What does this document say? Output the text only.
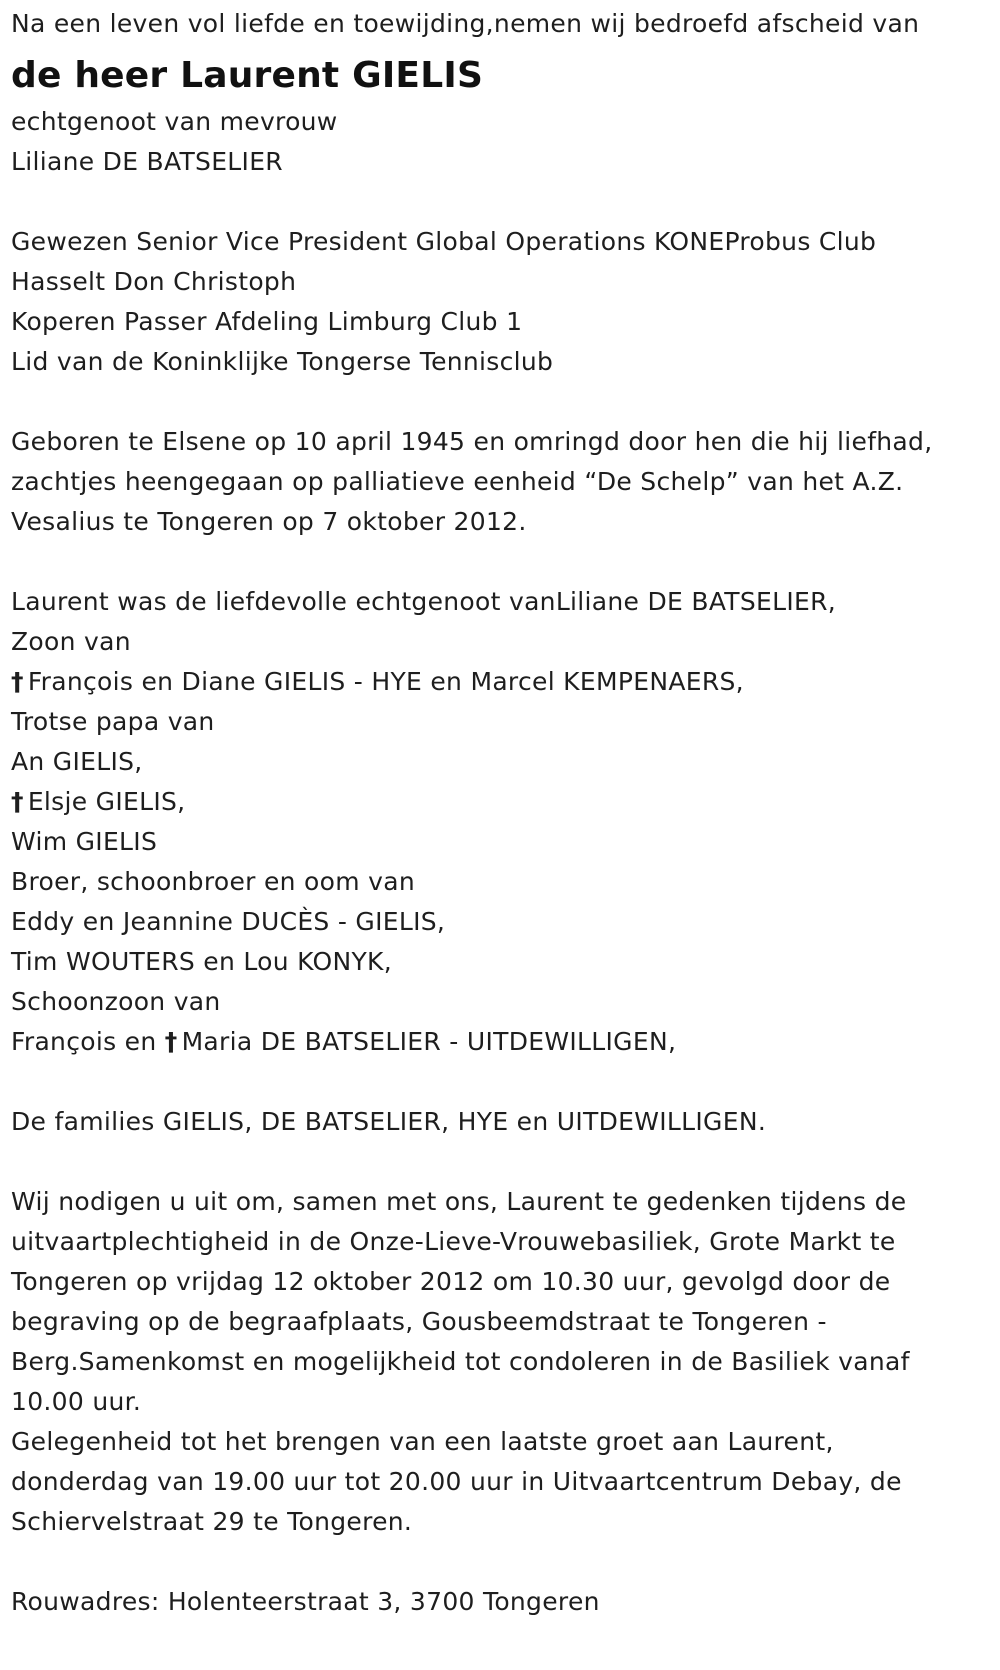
Na een leven vol liefde en toewijding,nemen wij bedroefd afscheid van
de heer Laurent GIELIS
echtgenoot van mevrouw
Liliane DE BATSELIER
Gewezen Senior Vice President Global Operations KONEProbus Club
Hasselt Don Christoph
Koperen Passer Afdeling Limburg Club 1
Lid van de Koninklijke Tongerse Tennisclub
Geboren te Elsene op 10 april 1945 en omringd door hen die hij liefhad,
zachtjes heengegaan op palliatieve eenheid “De Schelp” van het A.Z.
Vesalius te Tongeren op 7 oktober 2012.
Laurent was de liefdevolle echtgenoot vanLiliane DE BATSELIER,
Zoon van
† François en Diane GIELIS - HYE en Marcel KEMPENAERS,
Trotse papa van
An GIELIS,
† Elsje GIELIS,
Wim GIELIS
Broer, schoonbroer en oom van
Eddy en Jeannine DUCÈS - GIELIS,
Tim WOUTERS en Lou KONYK,
Schoonzoon van
François en † Maria DE BATSELIER - UITDEWILLIGEN,
De families GIELIS, DE BATSELIER, HYE en UITDEWILLIGEN.
Wij nodigen u uit om, samen met ons, Laurent te gedenken tijdens de
uitvaartplechtigheid in de Onze-Lieve-Vrouwebasiliek, Grote Markt te
Tongeren op vrijdag 12 oktober 2012 om 10.30 uur, gevolgd door de
begraving op de begraafplaats, Gousbeemdstraat te Tongeren -
Berg.Samenkomst en mogelijkheid tot condoleren in de Basiliek vanaf
10.00 uur.
Gelegenheid tot het brengen van een laatste groet aan Laurent,
donderdag van 19.00 uur tot 20.00 uur in Uitvaartcentrum Debay, de
Schiervelstraat 29 te Tongeren.
Rouwadres: Holenteerstraat 3, 3700 Tongeren
